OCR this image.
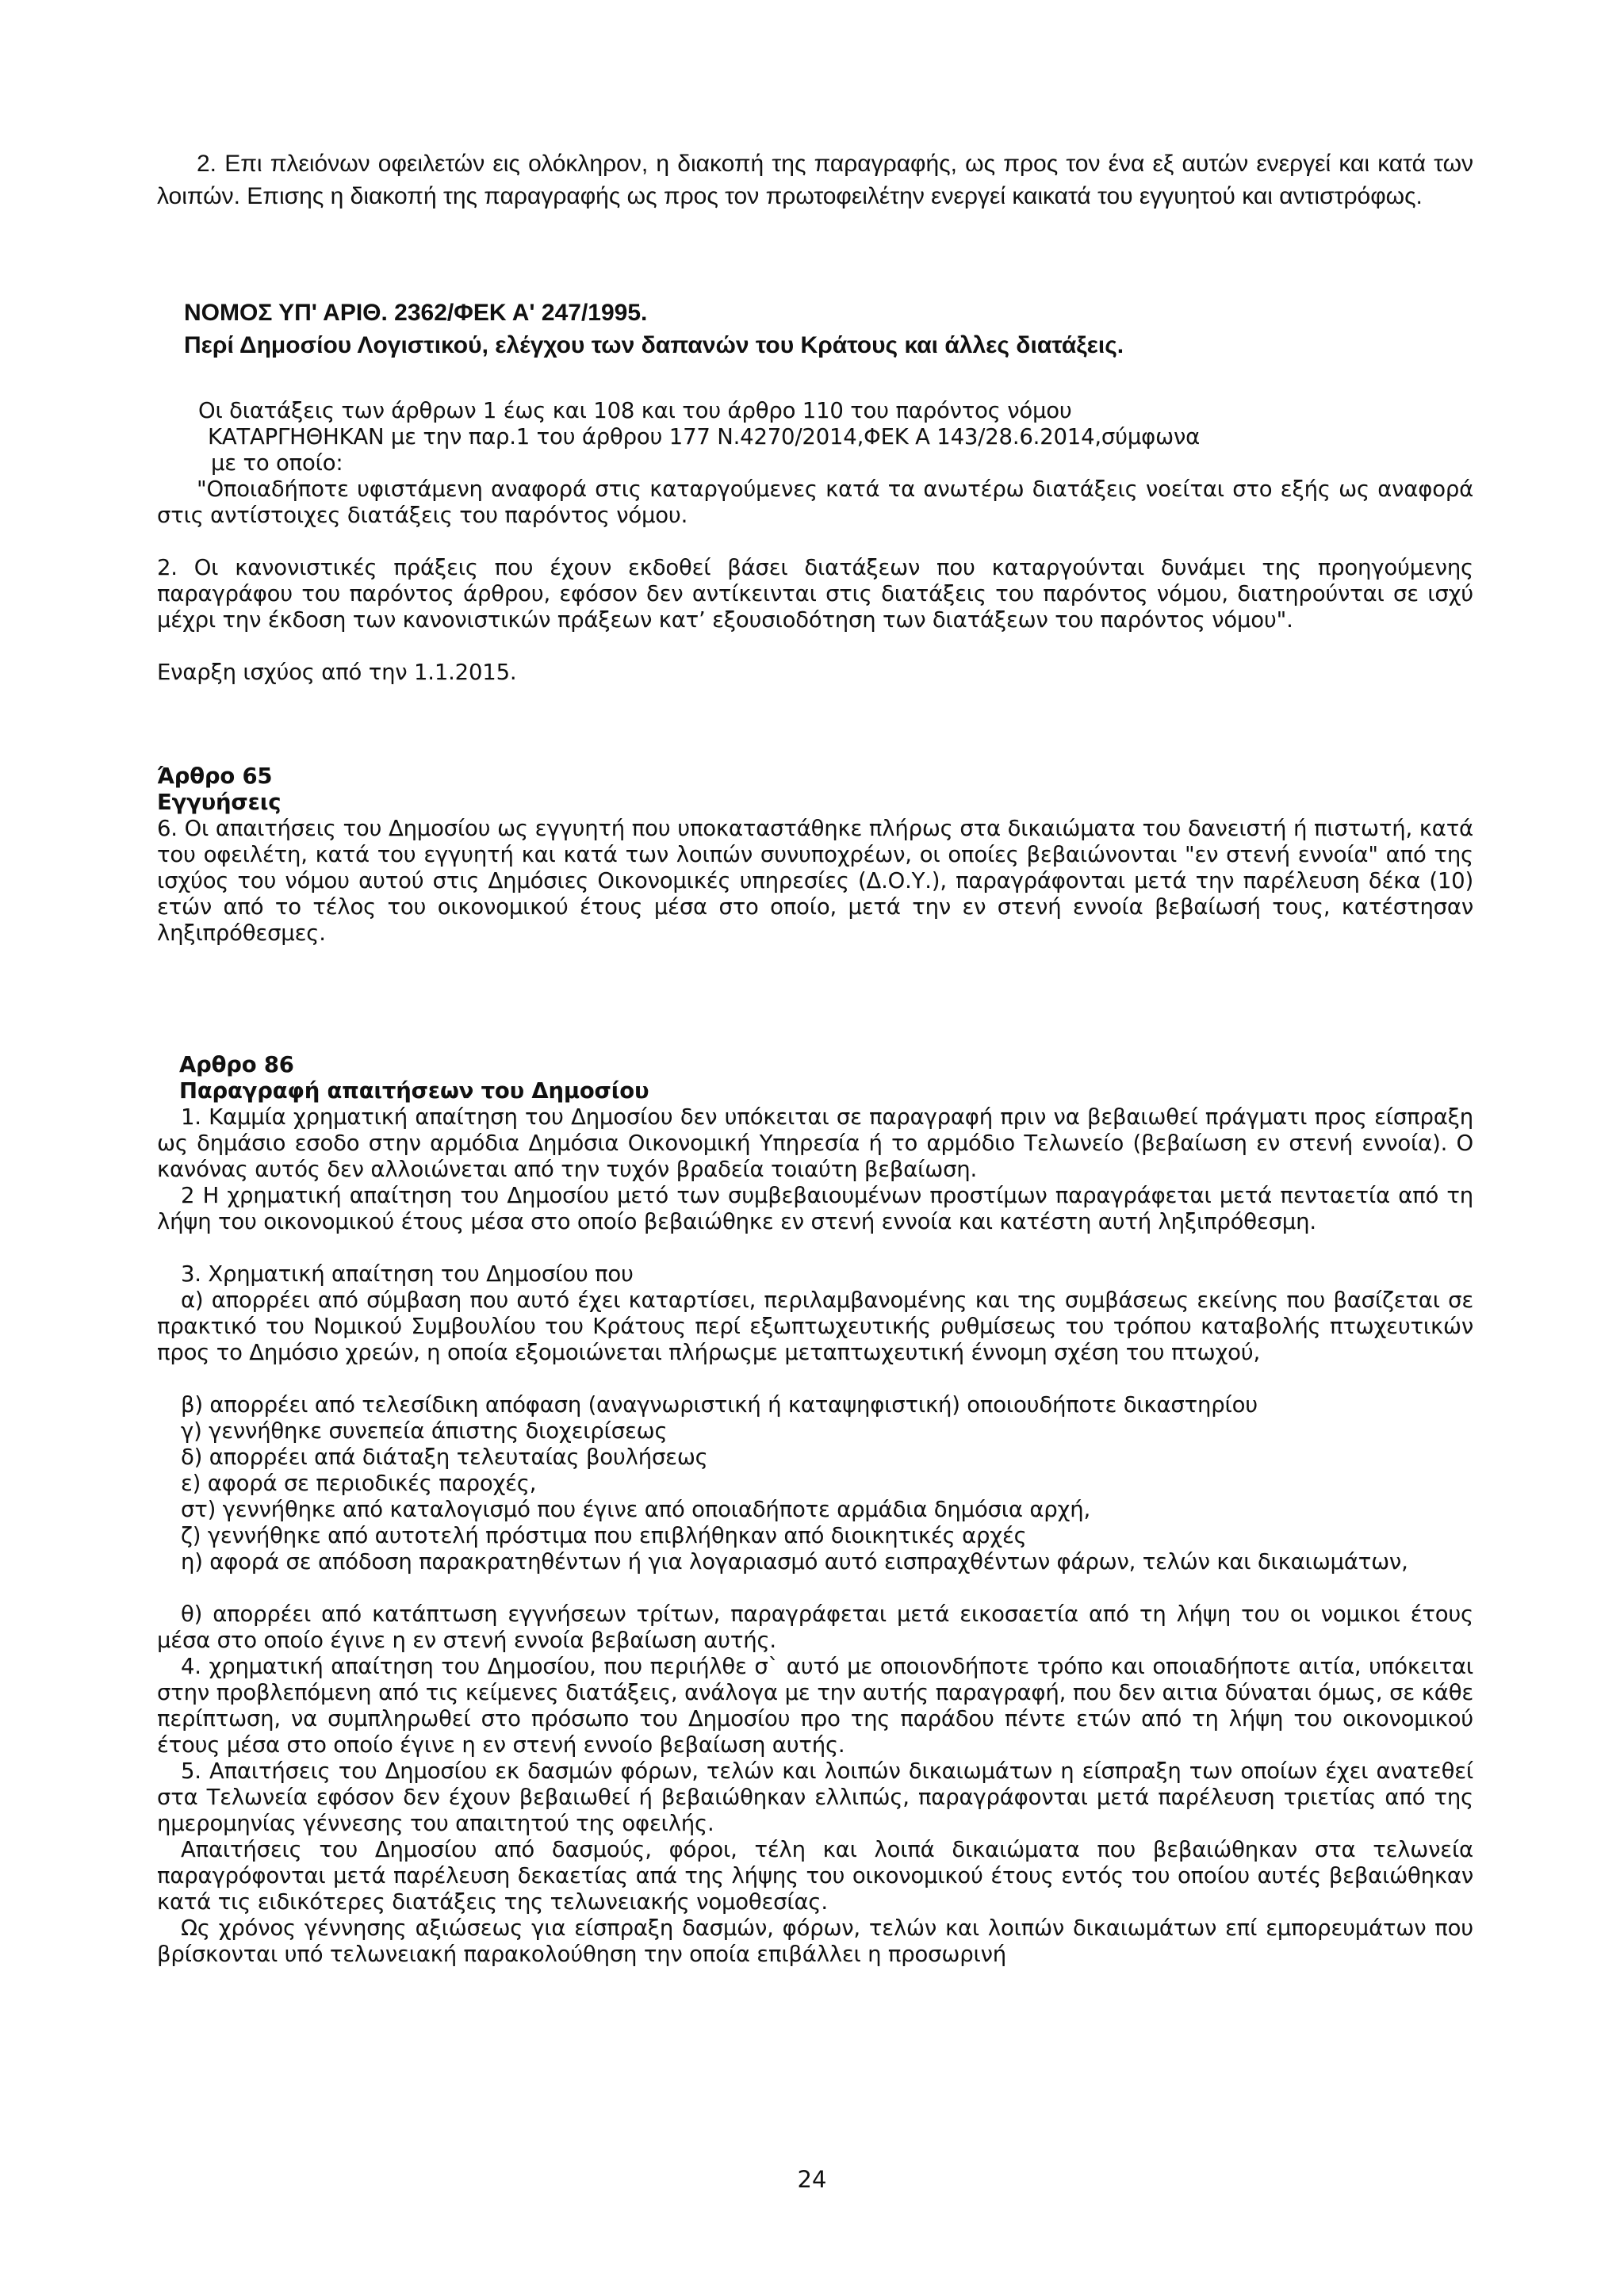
2. Επι πλειόνων οφειλετών εις ολόκληρον, η διακοπή της παραγραφής, ως προς τον ένα εξ αυτών ενεργεί και κατά των λοιπών. Επισης η διακοπή της παραγραφής ως προς τον πρωτοφειλέτην ενεργεί καικατά του εγγυητού και αντιστρόφως.

ΝΟΜΟΣ ΥΠ' ΑΡΙΘ. 2362/ΦΕΚ Α' 247/1995.

Περί Δημοσίου Λογιστικού, ελέγχου των δαπανών του Κράτους και άλλες διατάξεις.

Οι διατάξεις των άρθρων 1 έως και 108 και του άρθρο 110 του παρόντος νόμου

ΚΑΤΑΡΓΗΘΗΚΑΝ με την παρ.1 του άρθρου 177 Ν.4270/2014,ΦΕΚ Α 143/28.6.2014,σύμφωνα

με το οποίο:

"Οποιαδήποτε υφιστάμενη αναφορά στις καταργούμενες κατά τα ανωτέρω διατάξεις νοείται στο εξής ως αναφορά στις αντίστοιχες διατάξεις του παρόντος νόμου.

2. Οι κανονιστικές πράξεις που έχουν εκδοθεί βάσει διατάξεων που καταργούνται δυνάμει της προηγούμενης παραγράφου του παρόντος άρθρου, εφόσον δεν αντίκεινται στις διατάξεις του παρόντος νόμου, διατηρούνται σε ισχύ μέχρι την έκδοση των κανονιστικών πράξεων κατ’ εξουσιοδότηση των διατάξεων του παρόντος νόμου".

Εναρξη ισχύος από την 1.1.2015.

Άρθρο 65

Εγγυήσεις

6. Οι απαιτήσεις του Δημοσίου ως εγγυητή που υποκαταστάθηκε πλήρως στα δικαιώματα του δανειστή ή πιστωτή, κατά του οφειλέτη, κατά του εγγυητή και κατά των λοιπών συνυποχρέων, οι οποίες βεβαιώνονται "εν στενή εννοία" από της ισχύος του νόμου αυτού στις Δημόσιες Οικονομικές υπηρεσίες (Δ.Ο.Υ.), παραγράφονται μετά την παρέλευση δέκα (10) ετών από το τέλος του οικονομικού έτους μέσα στο οποίο, μετά την εν στενή εννοία βεβαίωσή τους, κατέστησαν ληξιπρόθεσμες.

Αρθρο 86

Παραγραφή απαιτήσεων του Δημοσίου

1. Καμμία χρηματική απαίτηση του Δημοσίου δεν υπόκειται σε παραγραφή πριν να βεβαιωθεί πράγματι προς είσπραξη ως δημάσιο εσοδο στην αρμόδια Δημόσια Οικονομική Υπηρεσία ή το αρμόδιο Τελωνείο (βεβαίωση εν στενή εννοία). Ο κανόνας αυτός δεν αλλοιώνεται από την τυχόν βραδεία τοιαύτη βεβαίωση.

2 Η χρηματική απαίτηση του Δημοσίου μετό των συμβεβαιουμένων προστίμων παραγράφεται μετά πενταετία από τη λήψη του οικονομικού έτους μέσα στο οποίο βεβαιώθηκε εν στενή εννοία και κατέστη αυτή ληξιπρόθεσμη.

3. Χρηματική απαίτηση του Δημοσίου που

α) απορρέει από σύμβαση που αυτό έχει καταρτίσει, περιλαμβανομένης και της συμβάσεως εκείνης που βασίζεται σε πρακτικό του Νομικού Συμβουλίου του Κράτους περί εξωπτωχευτικής ρυθμίσεως του τρόπου καταβολής πτωχευτικών προς το Δημόσιο χρεών, η οποία εξομοιώνεται πλήρωςμε μεταπτωχευτική έννομη σχέση του πτωχού,

β) απορρέει από τελεσίδικη απόφαση (αναγνωριστική ή καταψηφιστική) οποιουδήποτε δικαστηρίου

γ) γεννήθηκε συνεπεία άπιστης διοχειρίσεως

δ) απορρέει απά διάταξη τελευταίας βουλήσεως

ε) αφορά σε περιοδικές παροχές,

στ) γεννήθηκε από καταλογισμό που έγινε από οποιαδήποτε αρμάδια δημόσια αρχή,

ζ) γεννήθηκε από αυτοτελή πρόστιμα που επιβλήθηκαν από διοικητικές αρχές

η) αφορά σε απόδοση παρακρατηθέντων ή για λογαριασμό αυτό εισπραχθέντων φάρων, τελών και δικαιωμάτων,

θ) απορρέει από κατάπτωση εγγνήσεων τρίτων, παραγράφεται μετά εικοσαετία από τη λήψη του οι νομικοι έτους μέσα στο οποίο έγινε η εν στενή εννοία βεβαίωση αυτής.

4. χρηματική απαίτηση του Δημοσίου, που περιήλθε σ` αυτό με οποιονδήποτε τρόπο και οποιαδήποτε αιτία, υπόκειται στην προβλεπόμενη από τις κείμενες διατάξεις, ανάλογα με την αυτής παραγραφή, που δεν αιτια δύναται όμως, σε κάθε περίπτωση, να συμπληρωθεί στο πρόσωπο του Δημοσίου προ της παράδου πέντε ετών από τη λήψη του οικονομικού έτους μέσα στο οποίο έγινε η εν στενή εννοίο βεβαίωση αυτής.

5. Απαιτήσεις του Δημοσίου εκ δασμών φόρων, τελών και λοιπών δικαιωμάτων η είσπραξη των οποίων έχει ανατεθεί στα Τελωνεία εφόσον δεν έχουν βεβαιωθεί ή βεβαιώθηκαν ελλιπώς, παραγράφονται μετά παρέλευση τριετίας από της ημερομηνίας γέννεσης του απαιτητού της οφειλής.

Απαιτήσεις του Δημοσίου από δασμούς, φόροι, τέλη και λοιπά δικαιώματα που βεβαιώθηκαν στα τελωνεία παραγρόφονται μετά παρέλευση δεκαετίας απά της λήψης του οικονομικού έτους εντός του οποίου αυτές βεβαιώθηκαν κατά τις ειδικότερες διατάξεις της τελωνειακής νομοθεσίας.

Ως χρόνος γέννησης αξιώσεως για είσπραξη δασμών, φόρων, τελών και λοιπών δικαιωμάτων επί εμπορευμάτων που βρίσκονται υπό τελωνειακή παρακολούθηση την οποία επιβάλλει η προσωρινή

24
